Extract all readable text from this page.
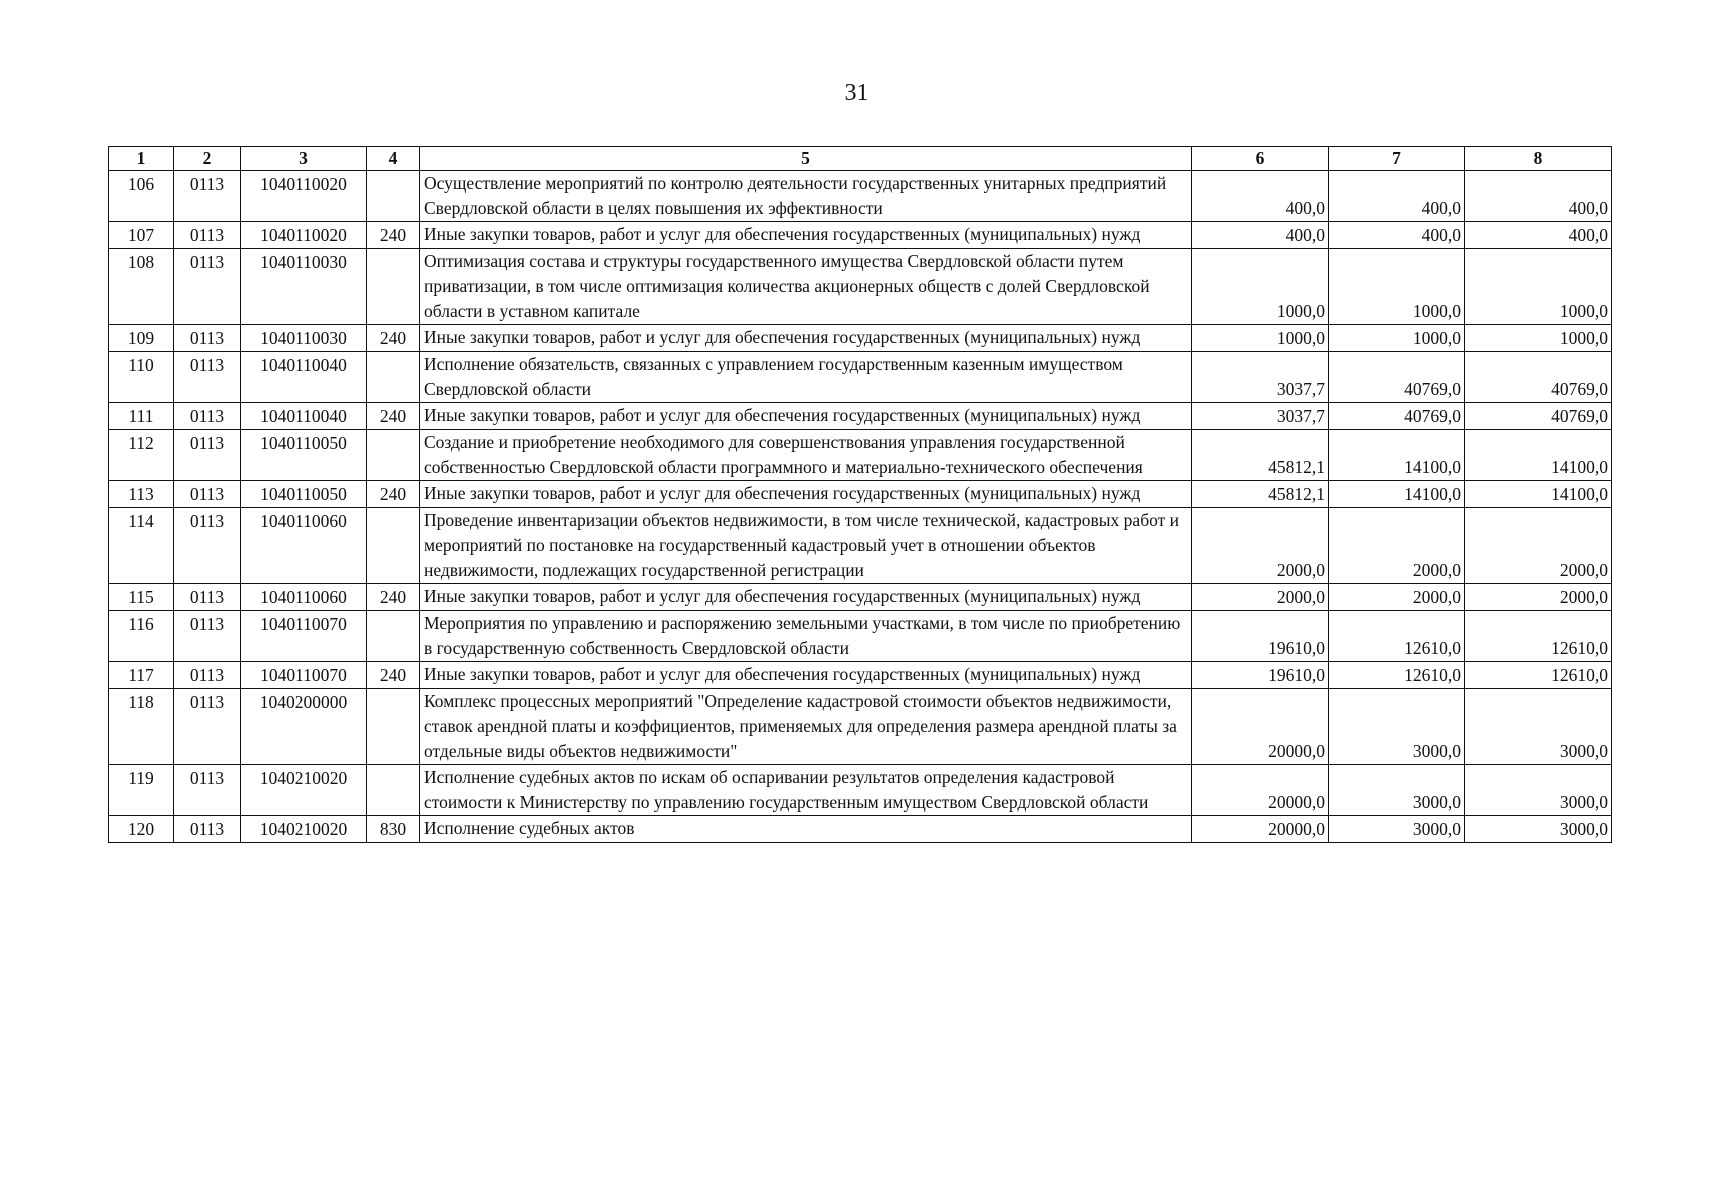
31
1	2	3	4	5	6	7	8
106	0113	1040110020		Осуществление мероприятий по контролю деятельности государственных унитарных предприятий Свердловской области в целях повышения их эффективности	400,0	400,0	400,0
107	0113	1040110020	240	Иные закупки товаров, работ и услуг для обеспечения государственных (муниципальных) нужд	400,0	400,0	400,0
108	0113	1040110030		Оптимизация состава и структуры государственного имущества Свердловской области путем приватизации, в том числе оптимизация количества акционерных обществ с долей Свердловской области в уставном капитале	1000,0	1000,0	1000,0
109	0113	1040110030	240	Иные закупки товаров, работ и услуг для обеспечения государственных (муниципальных) нужд	1000,0	1000,0	1000,0
110	0113	1040110040		Исполнение обязательств, связанных с управлением государственным казенным имуществом Свердловской области	3037,7	40769,0	40769,0
111	0113	1040110040	240	Иные закупки товаров, работ и услуг для обеспечения государственных (муниципальных) нужд	3037,7	40769,0	40769,0
112	0113	1040110050		Создание и приобретение необходимого для совершенствования управления государственной собственностью Свердловской области программного и материально-технического обеспечения	45812,1	14100,0	14100,0
113	0113	1040110050	240	Иные закупки товаров, работ и услуг для обеспечения государственных (муниципальных) нужд	45812,1	14100,0	14100,0
114	0113	1040110060		Проведение инвентаризации объектов недвижимости, в том числе технической, кадастровых работ и мероприятий по постановке на государственный кадастровый учет в отношении объектов недвижимости, подлежащих государственной регистрации	2000,0	2000,0	2000,0
115	0113	1040110060	240	Иные закупки товаров, работ и услуг для обеспечения государственных (муниципальных) нужд	2000,0	2000,0	2000,0
116	0113	1040110070		Мероприятия по управлению и распоряжению земельными участками, в том числе по приобретению в государственную собственность Свердловской области	19610,0	12610,0	12610,0
117	0113	1040110070	240	Иные закупки товаров, работ и услуг для обеспечения государственных (муниципальных) нужд	19610,0	12610,0	12610,0
118	0113	1040200000		Комплекс процессных мероприятий "Определение кадастровой стоимости объектов недвижимости, ставок арендной платы и коэффициентов, применяемых для определения размера арендной платы за отдельные виды объектов недвижимости"	20000,0	3000,0	3000,0
119	0113	1040210020		Исполнение судебных актов по искам об оспаривании результатов определения кадастровой стоимости к Министерству по управлению государственным имуществом Свердловской области	20000,0	3000,0	3000,0
120	0113	1040210020	830	Исполнение судебных актов	20000,0	3000,0	3000,0
